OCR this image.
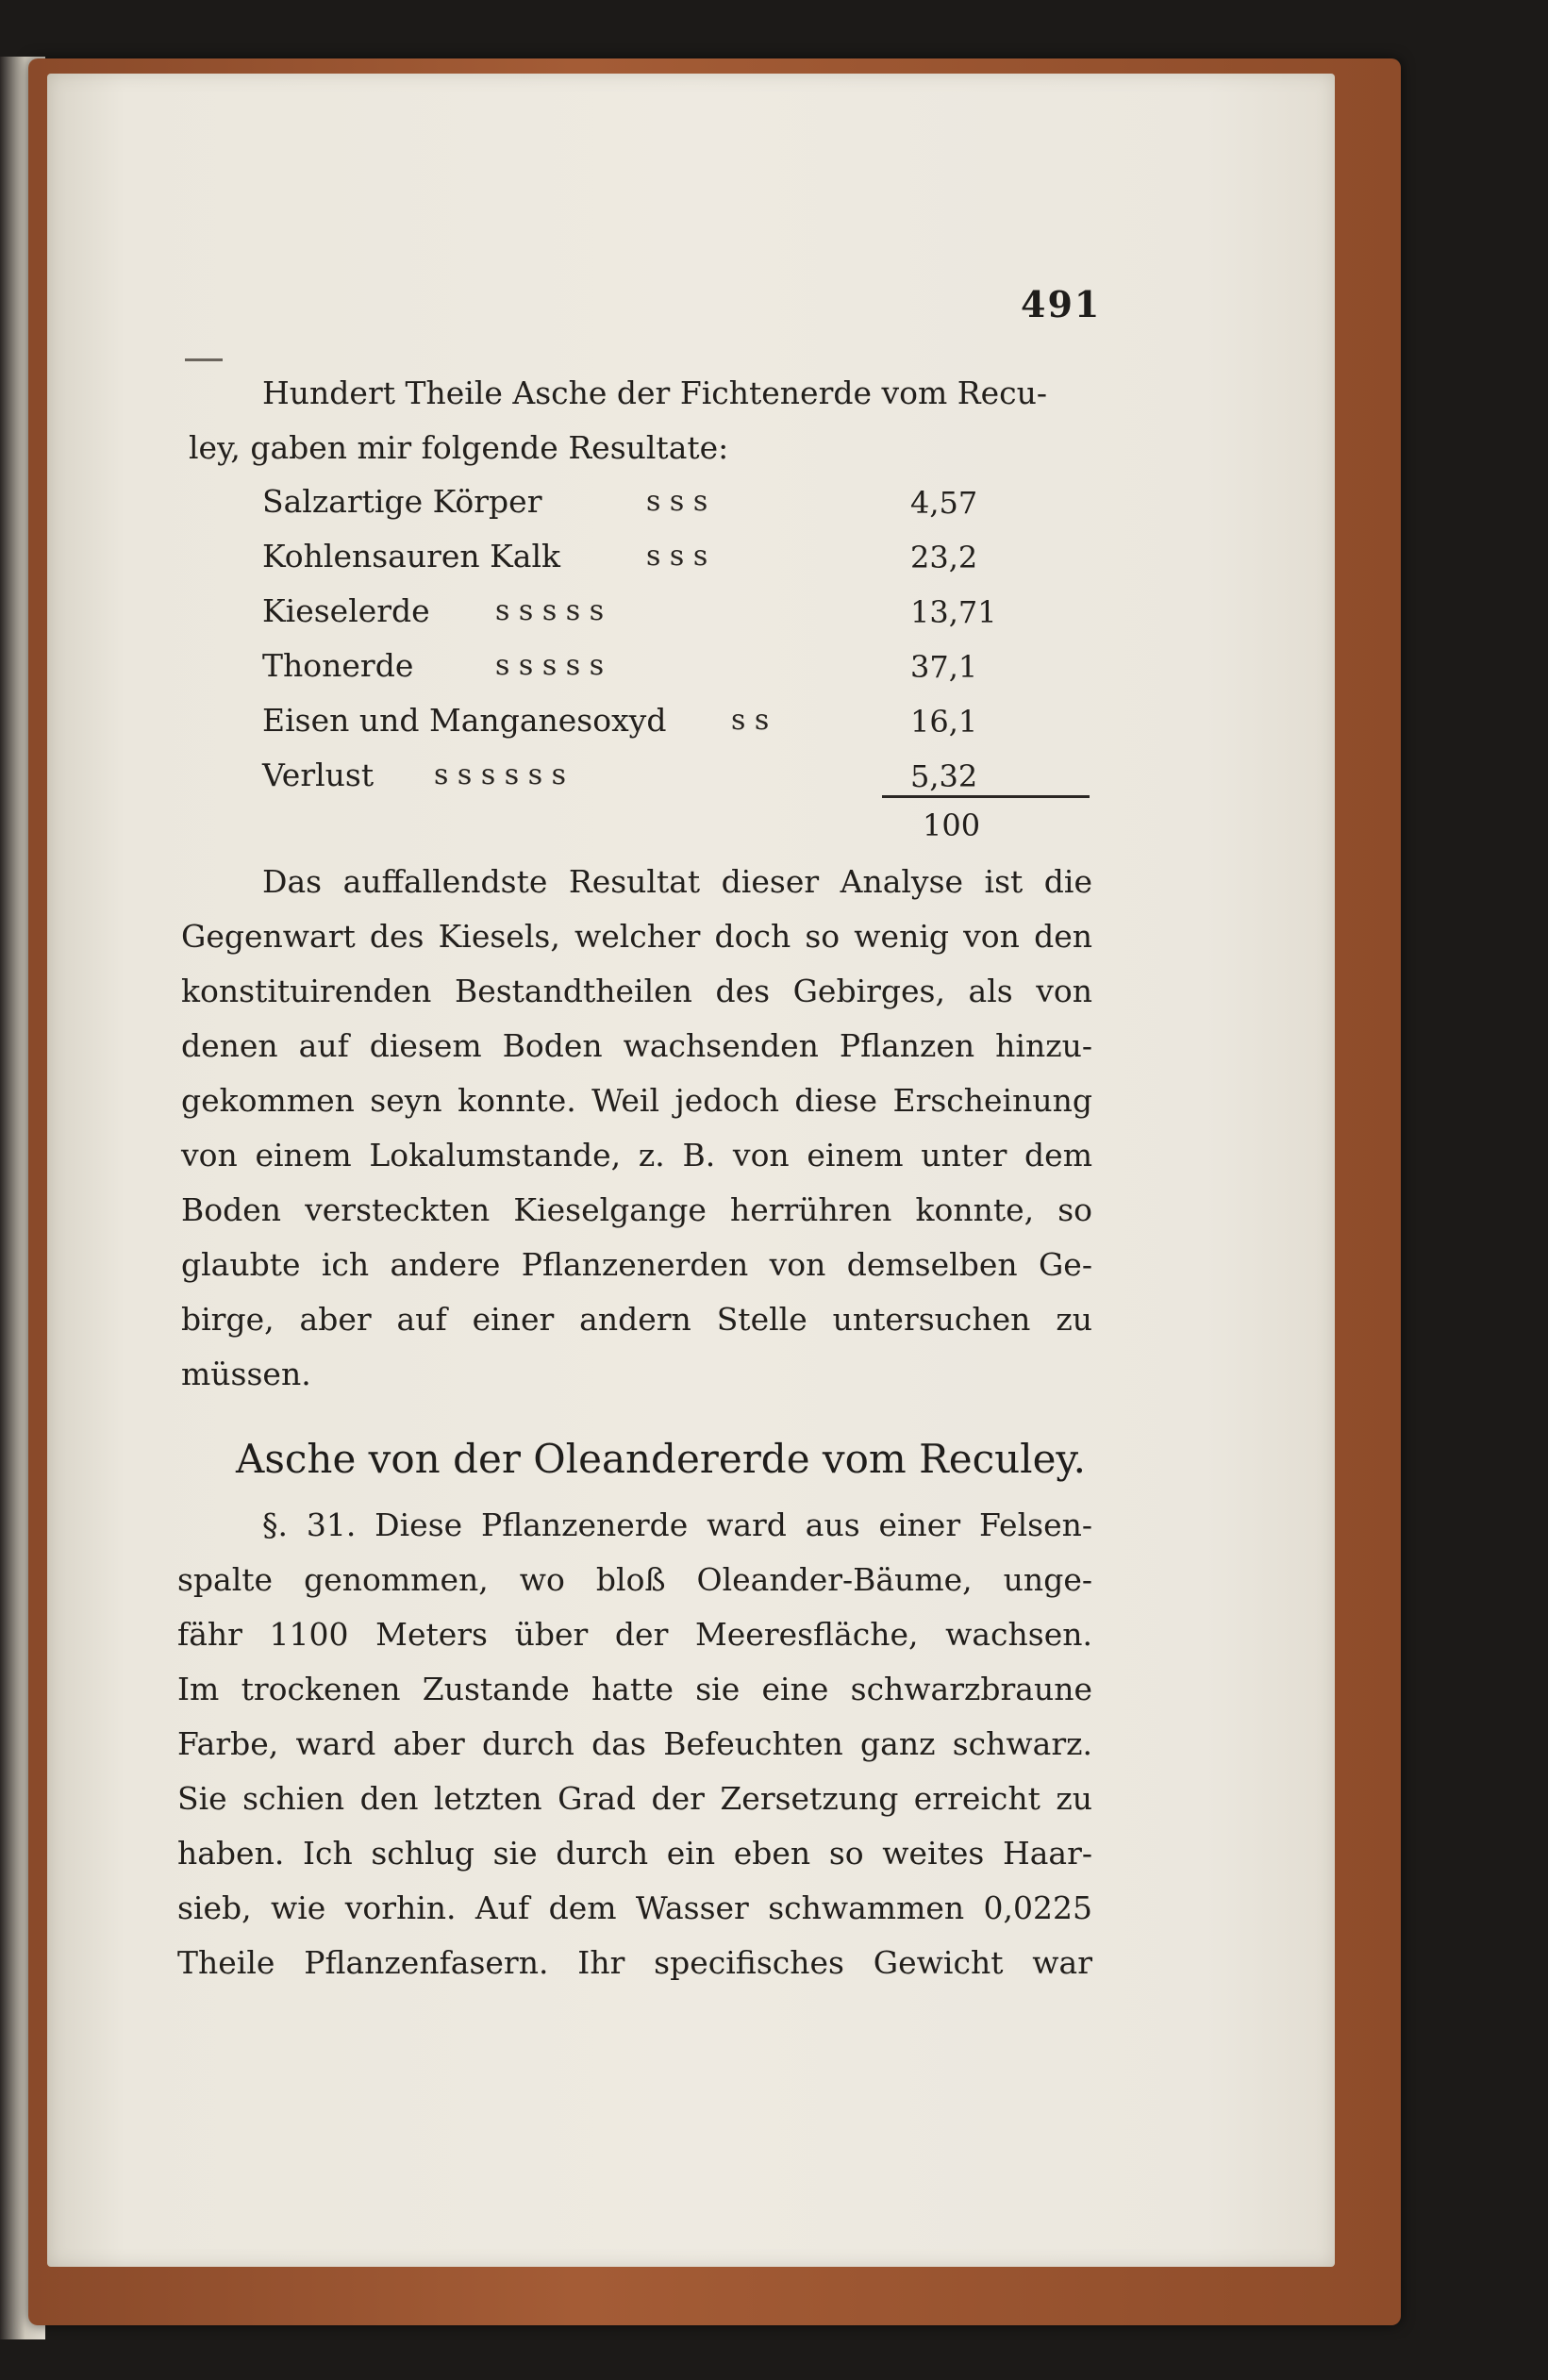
491
Hundert Theile Asche der Fichtenerde vom Recu-
ley, gaben mir folgende Resultate:
Salzartige Körper	s s s	4,57
Kohlensauren Kalk	s s s	23,2
Kieselerde s s s s s	13,71
Thonerde	s s s s s	37,1
Eisen und Manganesoxyd s s	16,1
Verlust s s s s s s	5,32
100
Das auffallendste Resultat dieser Analyse ist die
Gegenwart des Kiesels, welcher doch so wenig von den
konstituirenden Bestandtheilen des Gebirges, als von
denen auf diesem Boden wachsenden Pflanzen hinzu-
gekommen seyn konnte. Weil jedoch diese Erscheinung
von einem Lokalumstande, z. B. von einem unter dem
Boden versteckten Kieselgange herrühren konnte, so
glaubte ich andere Pflanzenerden von demselben Ge-
birge, aber auf einer andern Stelle untersuchen zu
müssen.
Asche von der Oleandererde vom Reculey.
§. 31. Diese Pflanzenerde ward aus einer Felsen-
spalte genommen, wo bloß Oleander-Bäume, unge-
fähr 1100 Meters über der Meeresfläche, wachsen.
Im trockenen Zustande hatte sie eine schwarzbraune
Farbe, ward aber durch das Befeuchten ganz schwarz.
Sie schien den letzten Grad der Zersetzung erreicht zu
haben. Ich schlug sie durch ein eben so weites Haar-
sieb, wie vorhin. Auf dem Wasser schwammen 0,0225
Theile Pflanzenfasern. Ihr specifisches Gewicht war
